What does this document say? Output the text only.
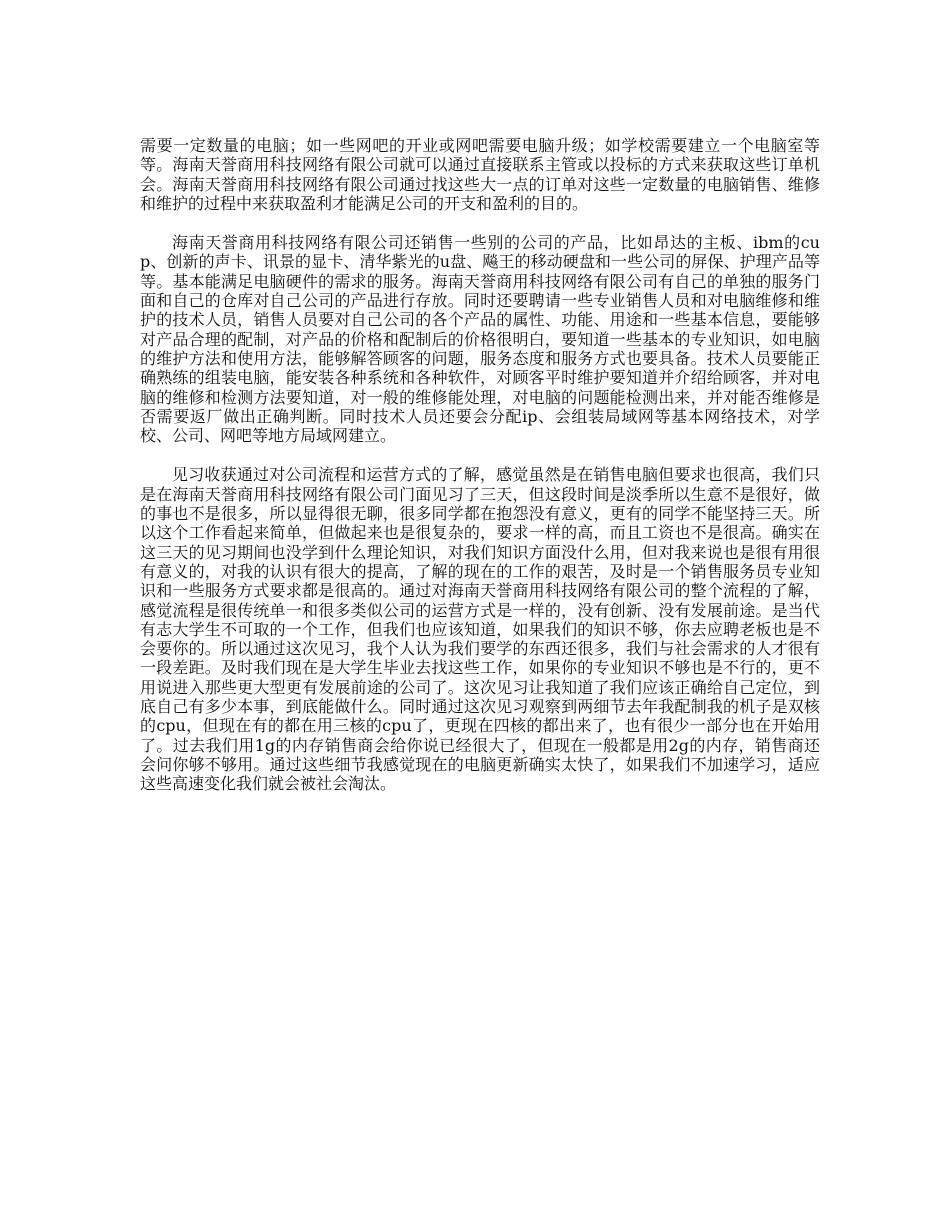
需要一定数量的电脑；如一些网吧的开业或网吧需要电脑升级；如学校需要建立一个电脑室等等。海南天誉商用科技网络有限公司就可以通过直接联系主管或以投标的方式来获取这些订单机会。海南天誉商用科技网络有限公司通过找这些大一点的订单对这些一定数量的电脑销售、维修和维护的过程中来获取盈利才能满足公司的开支和盈利的目的。

海南天誉商用科技网络有限公司还销售一些别的公司的产品，比如昂达的主板、ibm的cup、创新的声卡、讯景的显卡、清华紫光的u盘、飚王的移动硬盘和一些公司的屏保、护理产品等等。基本能满足电脑硬件的需求的服务。海南天誉商用科技网络有限公司有自己的单独的服务门面和自己的仓库对自己公司的产品进行存放。同时还要聘请一些专业销售人员和对电脑维修和维护的技术人员，销售人员要对自己公司的各个产品的属性、功能、用途和一些基本信息，要能够对产品合理的配制，对产品的价格和配制后的价格很明白，要知道一些基本的专业知识，如电脑的维护方法和使用方法，能够解答顾客的问题，服务态度和服务方式也要具备。技术人员要能正确熟练的组装电脑，能安装各种系统和各种软件，对顾客平时维护要知道并介绍给顾客，并对电脑的维修和检测方法要知道，对一般的维修能处理，对电脑的问题能检测出来，并对能否维修是否需要返厂做出正确判断。同时技术人员还要会分配ip、会组装局域网等基本网络技术，对学校、公司、网吧等地方局域网建立。

见习收获通过对公司流程和运营方式的了解，感觉虽然是在销售电脑但要求也很高，我们只是在海南天誉商用科技网络有限公司门面见习了三天，但这段时间是淡季所以生意不是很好，做的事也不是很多，所以显得很无聊，很多同学都在抱怨没有意义，更有的同学不能坚持三天。所以这个工作看起来简单，但做起来也是很复杂的，要求一样的高，而且工资也不是很高。确实在这三天的见习期间也没学到什么理论知识，对我们知识方面没什么用，但对我来说也是很有用很有意义的，对我的认识有很大的提高，了解的现在的工作的艰苦，及时是一个销售服务员专业知识和一些服务方式要求都是很高的。通过对海南天誉商用科技网络有限公司的整个流程的了解，感觉流程是很传统单一和很多类似公司的运营方式是一样的，没有创新、没有发展前途。是当代有志大学生不可取的一个工作，但我们也应该知道，如果我们的知识不够，你去应聘老板也是不会要你的。所以通过这次见习，我个人认为我们要学的东西还很多，我们与社会需求的人才很有一段差距。及时我们现在是大学生毕业去找这些工作，如果你的专业知识不够也是不行的，更不用说进入那些更大型更有发展前途的公司了。这次见习让我知道了我们应该正确给自己定位，到底自己有多少本事，到底能做什么。同时通过这次见习观察到两细节去年我配制我的机子是双核的cpu，但现在有的都在用三核的cpu了，更现在四核的都出来了，也有很少一部分也在开始用了。过去我们用1g的内存销售商会给你说已经很大了，但现在一般都是用2g的内存，销售商还会问你够不够用。通过这些细节我感觉现在的电脑更新确实太快了，如果我们不加速学习，适应这些高速变化我们就会被社会淘汰。
